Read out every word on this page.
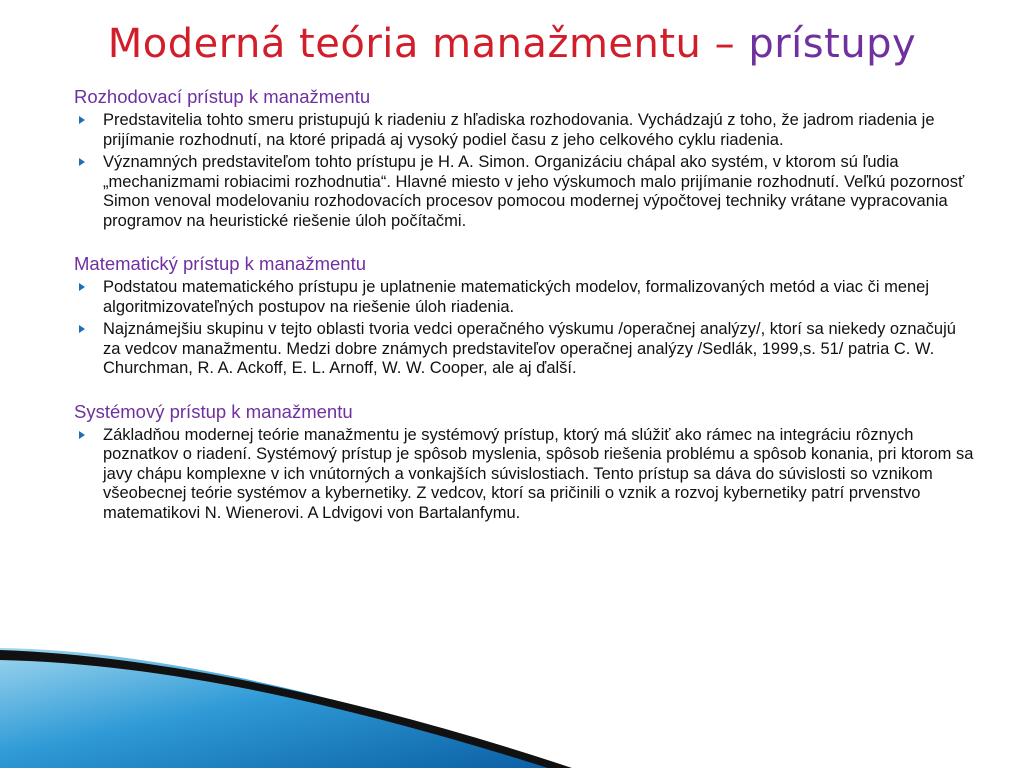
Moderná teória manažmentu – prístupy
Rozhodovací prístup k manažmentu
Predstavitelia tohto smeru pristupujú k riadeniu z hľadiska rozhodovania. Vychádzajú z toho, že jadrom riadenia je prijímanie rozhodnutí, na ktoré pripadá aj vysoký podiel času z jeho celkového cyklu riadenia.
Významných predstaviteľom tohto prístupu je H. A. Simon. Organizáciu chápal ako systém, v ktorom sú ľudia „mechanizmami robiacimi rozhodnutia“. Hlavné miesto v jeho výskumoch malo prijímanie rozhodnutí. Veľkú pozornosť Simon venoval modelovaniu rozhodovacích procesov pomocou modernej výpočtovej techniky vrátane vypracovania programov na heuristické riešenie úloh počítačmi.
Matematický prístup k manažmentu
Podstatou matematického prístupu je uplatnenie matematických modelov, formalizovaných metód a viac či menej algoritmizovateľných postupov na riešenie úloh riadenia.
Najznámejšiu skupinu v tejto oblasti tvoria vedci operačného výskumu /operačnej analýzy/, ktorí sa niekedy označujú za vedcov manažmentu. Medzi dobre známych predstaviteľov operačnej analýzy /Sedlák, 1999,s. 51/ patria C. W. Churchman, R. A. Ackoff, E. L. Arnoff, W. W. Cooper, ale aj ďalší.
Systémový prístup k manažmentu
Základňou modernej teórie manažmentu je systémový prístup, ktorý má slúžiť ako rámec na integráciu rôznych poznatkov o riadení. Systémový prístup je spôsob myslenia, spôsob riešenia problému a spôsob konania, pri ktorom sa javy chápu komplexne v ich vnútorných a vonkajších súvislostiach. Tento prístup sa dáva do súvislosti so vznikom všeobecnej teórie systémov a kybernetiky. Z vedcov, ktorí sa pričinili o vznik a rozvoj kybernetiky patrí prvenstvo matematikovi N. Wienerovi. A Ldvigovi von Bartalanfymu.
